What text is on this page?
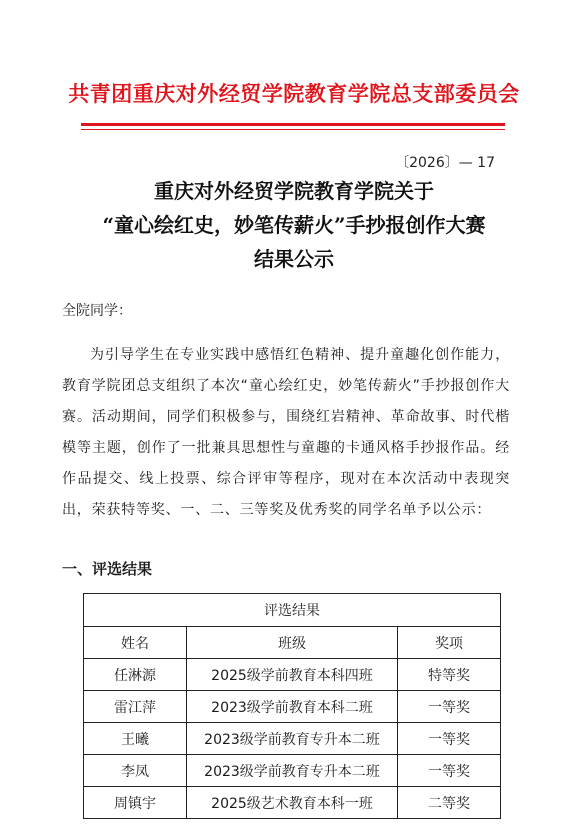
共青团重庆对外经贸学院教育学院总支部委员会
〔2026〕— 17
重庆对外经贸学院教育学院关于
“童心绘红史，妙笔传薪火”手抄报创作大赛
结果公示
全院同学：

为引导学生在专业实践中感悟红色精神、提升童趣化创作能力，教育学院团总支组织了本次“童心绘红史，妙笔传薪火”手抄报创作大赛。活动期间，同学们积极参与，围绕红岩精神、革命故事、时代楷模等主题，创作了一批兼具思想性与童趣的卡通风格手抄报作品。经作品提交、线上投票、综合评审等程序，现对在本次活动中表现突出，荣获特等奖、一、二、三等奖及优秀奖的同学名单予以公示：

一、评选结果
评选结果		
姓名	班级	奖项
任淋源	2025级学前教育本科四班	特等奖
雷江萍	2023级学前教育本科二班	一等奖
王曦	2023级学前教育专升本二班	一等奖
李凤	2023级学前教育专升本二班	一等奖
周镇宇	2025级艺术教育本科一班	二等奖
